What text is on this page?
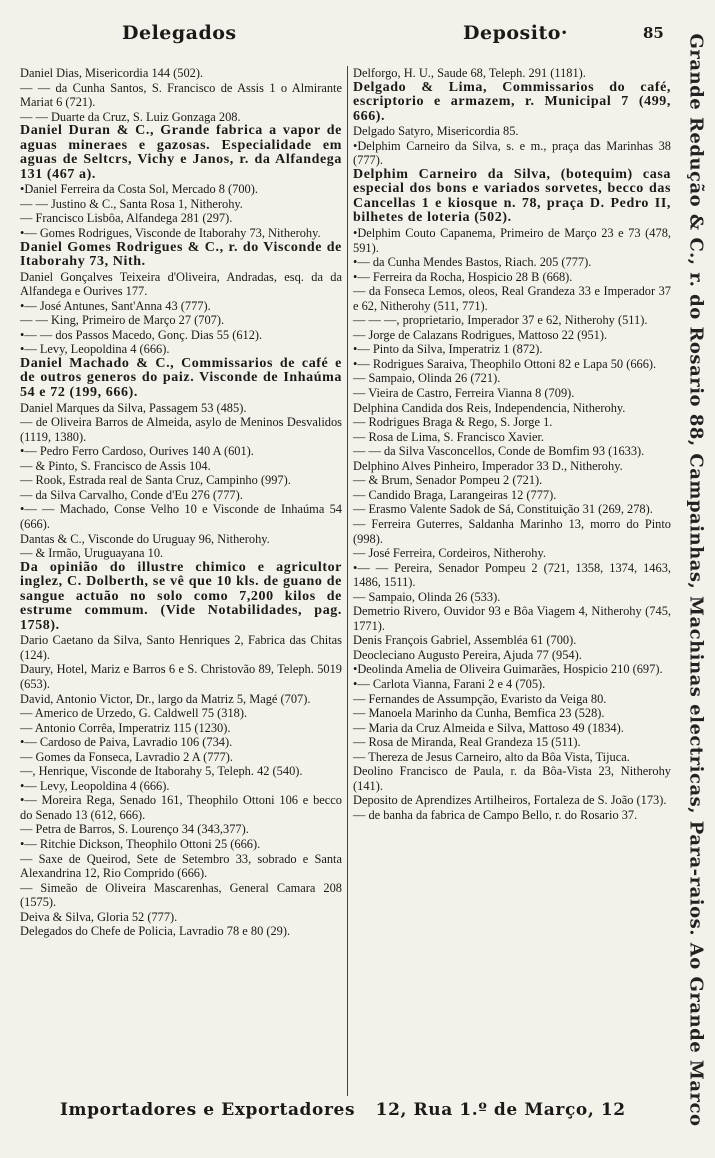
Delegados	Deposito·	85

Daniel Dias, Misericordia 144 (502).

— — da Cunha Santos, S. Francisco de Assis 1 o Almirante Mariat 6 (721).

— — Duarte da Cruz, S. Luiz Gonzaga 208.

Daniel Duran & C., Grande fabrica a vapor de aguas mineraes e gazosas. Especialidade em aguas de Seltcrs, Vichy e Janos, r. da Alfandega 131 (467 a).

•Daniel Ferreira da Costa Sol, Mercado 8 (700).

— — Justino & C., Santa Rosa 1, Nitherohy.

— Francisco Lisbôa, Alfandega 281 (297).

•— Gomes Rodrigues, Visconde de Itaborahy 73, Nitherohy.

Daniel Gomes Rodrigues & C., r. do Visconde de Itaborahy 73, Nith.

Daniel Gonçalves Teixeira d'Oliveira, Andradas, esq. da da Alfandega e Ourives 177.

•— José Antunes, Sant'Anna 43 (777).

— — King, Primeiro de Março 27 (707).

•— — dos Passos Macedo, Gonç. Dias 55 (612).

•— Levy, Leopoldina 4 (666).

Daniel Machado & C., Commissarios de café e de outros generos do paiz. Visconde de Inhaúma 54 e 72 (199, 666).

Daniel Marques da Silva, Passagem 53 (485).

— de Oliveira Barros de Almeida, asylo de Meninos Desvalidos (1119, 1380).

•— Pedro Ferro Cardoso, Ourives 140 A (601).

— & Pinto, S. Francisco de Assis 104.

— Rook, Estrada real de Santa Cruz, Campinho (997).

— da Silva Carvalho, Conde d'Eu 276 (777).

•— — Machado, Conse Velho 10 e Visconde de Inhaúma 54 (666).

Dantas & C., Visconde do Uruguay 96, Nitherohy.

— & Irmão, Uruguayana 10.

Da opinião do illustre chimico e agricultor inglez, C. Dolberth, se vê que 10 kls. de guano de sangue actuão no solo como 7,200 kilos de estrume commum. (Vide Notabilidades, pag. 1758).

Dario Caetano da Silva, Santo Henriques 2, Fabrica das Chitas (124).

Daury, Hotel, Mariz e Barros 6 e S. Christovão 89, Teleph. 5019 (653).

David, Antonio Victor, Dr., largo da Matriz 5, Magé (707).

— Americo de Urzedo, G. Caldwell 75 (318).

— Antonio Corrêa, Imperatriz 115 (1230).

•— Cardoso de Paiva, Lavradio 106 (734).

— Gomes da Fonseca, Lavradio 2 A (777).

—, Henrique, Visconde de Itaborahy 5, Teleph. 42 (540).

•— Levy, Leopoldina 4 (666).

•— Moreira Rega, Senado 161, Theophilo Ottoni 106 e becco do Senado 13 (612, 666).

— Petra de Barros, S. Lourenço 34 (343,377).

•— Ritchie Dickson, Theophilo Ottoni 25 (666).

— Saxe de Queirod, Sete de Setembro 33, sobrado e Santa Alexandrina 12, Rio Comprido (666).

— Simeão de Oliveira Mascarenhas, General Camara 208 (1575).

Deiva & Silva, Gloria 52 (777).

Delegados do Chefe de Policia, Lavradio 78 e 80 (29).

Delforgo, H. U., Saude 68, Teleph. 291 (1181).

Delgado & Lima, Commissarios do café, escriptorio e armazem, r. Municipal 7 (499, 666).

Delgado Satyro, Misericordia 85.

•Delphim Carneiro da Silva, s. e m., praça das Marinhas 38 (777).

Delphim Carneiro da Silva, (botequim) casa especial dos bons e variados sorvetes, becco das Cancellas 1 e kiosque n. 78, praça D. Pedro II, bilhetes de loteria (502).

•Delphim Couto Capanema, Primeiro de Março 23 e 73 (478, 591).

•— da Cunha Mendes Bastos, Riach. 205 (777).

•— Ferreira da Rocha, Hospicio 28 B (668).

— da Fonseca Lemos, oleos, Real Grandeza 33 e Imperador 37 e 62, Nitherohy (511, 771).

— — —, proprietario, Imperador 37 e 62, Nitherohy (511).

— Jorge de Calazans Rodrigues, Mattoso 22 (951).

•— Pinto da Silva, Imperatriz 1 (872).

•— Rodrigues Saraiva, Theophilo Ottoni 82 e Lapa 50 (666).

— Sampaio, Olinda 26 (721).

— Vieira de Castro, Ferreira Vianna 8 (709).

Delphina Candida dos Reis, Independencia, Nitherohy.

— Rodrigues Braga & Rego, S. Jorge 1.

— Rosa de Lima, S. Francisco Xavier.

— — da Silva Vasconcellos, Conde de Bomfim 93 (1633).

Delphino Alves Pinheiro, Imperador 33 D., Nitherohy.

— & Brum, Senador Pompeu 2 (721).

— Candido Braga, Larangeiras 12 (777).

— Erasmo Valente Sadok de Sá, Constituição 31 (269, 278).

— Ferreira Guterres, Saldanha Marinho 13, morro do Pinto (998).

— José Ferreira, Cordeiros, Nitherohy.

•— — Pereira, Senador Pompeu 2 (721, 1358, 1374, 1463, 1486, 1511).

— Sampaio, Olinda 26 (533).

Demetrio Rivero, Ouvidor 93 e Bôa Viagem 4, Nitherohy (745, 1771).

Denis François Gabriel, Assembléa 61 (700).

Deocleciano Augusto Pereira, Ajuda 77 (954).

•Deolinda Amelia de Oliveira Guimarães, Hospicio 210 (697).

•— Carlota Vianna, Farani 2 e 4 (705).

— Fernandes de Assumpção, Evaristo da Veiga 80.

— Manoela Marinho da Cunha, Bemfica 23 (528).

— Maria da Cruz Almeida e Silva, Mattoso 49 (1834).

— Rosa de Miranda, Real Grandeza 15 (511).

— Thereza de Jesus Carneiro, alto da Bôa Vista, Tijuca.

Deolino Francisco de Paula, r. da Bôa-Vista 23, Nitherohy (141).

Deposito de Aprendizes Artilheiros, Fortaleza de S. João (173).

— de banha da fabrica de Campo Bello, r. do Rosario 37.	Grande Redução & C., r. do Rosario 88, Campainhas, Machinas electricas, Para-raios. Ao Grande Marco
Importadores e Exportadores 12, Rua 1.º de Março, 12
